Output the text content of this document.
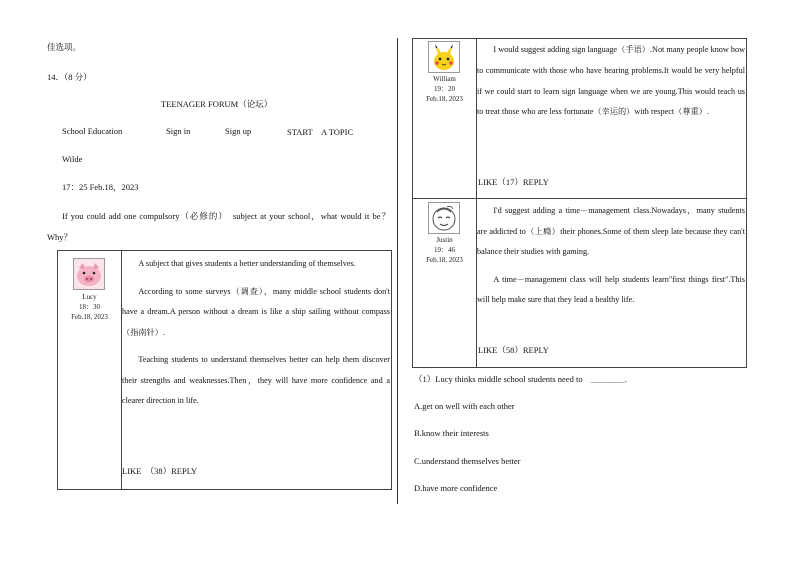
佳选项。
14．（8 分）
TEENAGER FORUM（论坛）
School Education	Sign in	Sign up	START　A TOPIC
Wilde
17：25 Feb.18，2023
If you could add one compulsory（必修的）　subject at your school，what would it be？Why？
Lucy
18：30
Feb.18, 2023

A subject that gives students a better understanding of themselves.

According to some surveys（调查），many middle school students don't have a dream.A person without a dream is like a ship sailing without compass（指南针）.

Teaching students to understand themselves better can help them discover their strengths and weaknesses.Then，they will have more confidence and a clearer direction in life.

LIKE　（38）REPLY
William
19：20
Feb.18, 2023

I would suggest adding sign language（手语）.Not many people know how to communicate with those who have hearing problems.It would be very helpful if we could start to learn sign language when we are young.This would teach us to treat those who are less fortunate（幸运的）with respect（尊重）.

LIKE（17）REPLY
Justin
19：46
Feb.18, 2023

I'd suggest adding a time－management class.Nowadays，many students are addicted to（上瘾）their phones.Some of them sleep late because they can't balance their studies with gaming.

A time－management class will help students learn"first things first".This will help make sure that they lead a healthy life.

LIKE（58）REPLY
（1）Lucy thinks middle school students need to ＿＿＿＿.
A.get on well with each other
B.know their interests
C.understand themselves better
D.have more confidence
